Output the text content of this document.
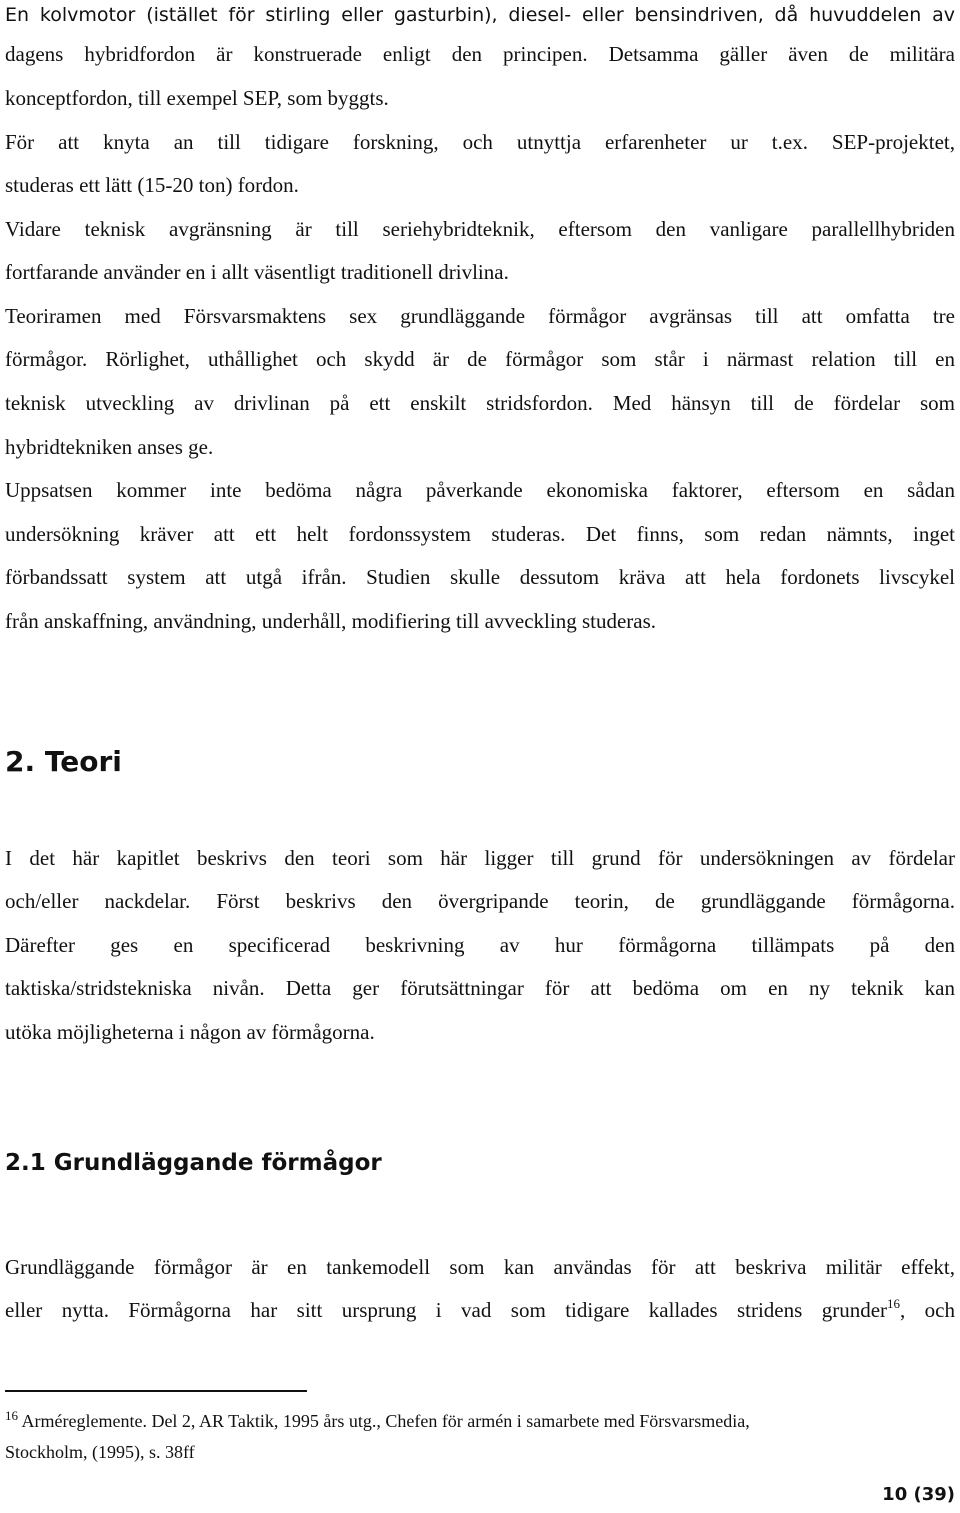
En kolvmotor (istället för stirling eller gasturbin), diesel- eller bensindriven, då huvuddelen av

dagens hybridfordon är konstruerade enligt den principen. Detsamma gäller även de militära

konceptfordon, till exempel SEP, som byggts.

För att knyta an till tidigare forskning, och utnyttja erfarenheter ur t.ex. SEP-projektet,

studeras ett lätt (15-20 ton) fordon.

Vidare teknisk avgränsning är till seriehybridteknik, eftersom den vanligare parallellhybriden

fortfarande använder en i allt väsentligt traditionell drivlina.

Teoriramen med Försvarsmaktens sex grundläggande förmågor avgränsas till att omfatta tre

förmågor. Rörlighet, uthållighet och skydd är de förmågor som står i närmast relation till en

teknisk utveckling av drivlinan på ett enskilt stridsfordon. Med hänsyn till de fördelar som

hybridtekniken anses ge.

Uppsatsen kommer inte bedöma några påverkande ekonomiska faktorer, eftersom en sådan

undersökning kräver att ett helt fordonssystem studeras. Det finns, som redan nämnts, inget

förbandssatt system att utgå ifrån. Studien skulle dessutom kräva att hela fordonets livscykel

från anskaffning, användning, underhåll, modifiering till avveckling studeras.

2. Teori

I det här kapitlet beskrivs den teori som här ligger till grund för undersökningen av fördelar

och/eller nackdelar. Först beskrivs den övergripande teorin, de grundläggande förmågorna.

Därefter ges en specificerad beskrivning av hur förmågorna tillämpats på den

taktiska/stridstekniska nivån. Detta ger förutsättningar för att bedöma om en ny teknik kan

utöka möjligheterna i någon av förmågorna.

2.1 Grundläggande förmågor

Grundläggande förmågor är en tankemodell som kan användas för att beskriva militär effekt,

eller nytta. Förmågorna har sitt ursprung i vad som tidigare kallades stridens grunder$^{16}$, och

$^{16}$ Arméreglemente. Del 2, AR Taktik, 1995 års utg., Chefen för armén i samarbete med Försvarsmedia,

Stockholm, (1995), s. 38ff

10 (39)
